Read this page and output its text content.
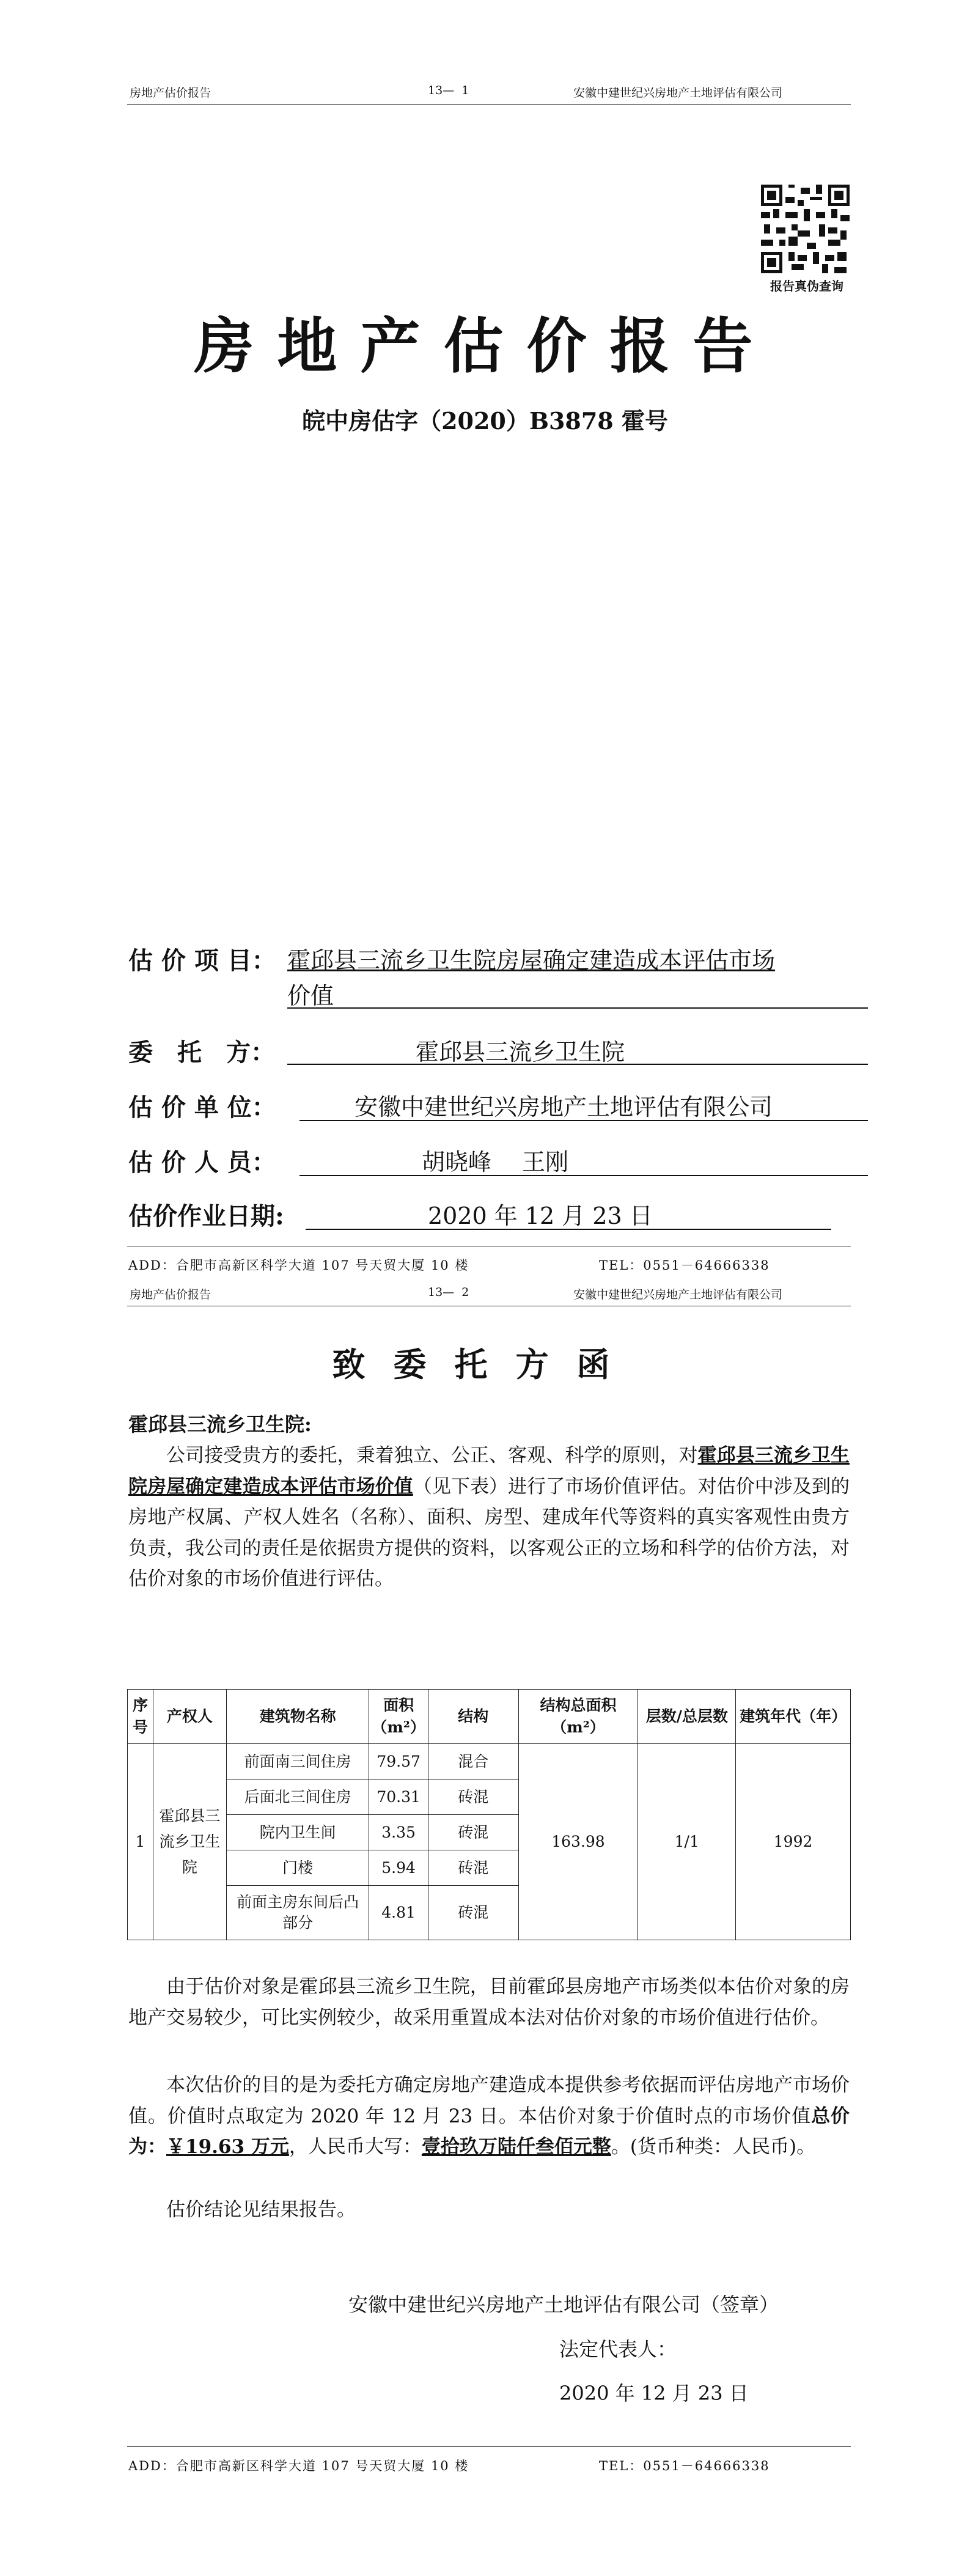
房地产估价报告	13—  1	安徽中建世纪兴房地产土地评估有限公司
报告真伪查询
房地产估价报告
皖中房估字（2020）B3878 霍号
估 价 项 目： 霍邱县三流乡卫生院房屋确定建造成本评估市场
价值
委　托　方：	霍邱县三流乡卫生院
估 价 单 位：	安徽中建世纪兴房地产土地评估有限公司
估 价 人 员：	胡晓峰　 王刚
估价作业日期:	2020 年 12 月 23 日
ADD：合肥市高新区科学大道 107 号天贸大厦 10 楼	TEL：0551－64666338
房地产估价报告	13—  2	安徽中建世纪兴房地产土地评估有限公司
致委托方函
霍邱县三流乡卫生院:
公司接受贵方的委托，秉着独立、公正、客观、科学的原则，对霍邱县三流乡卫生院房屋确定建造成本评估市场价值（见下表）进行了市场价值评估。对估价中涉及到的房地产权属、产权人姓名（名称）、面积、房型、建成年代等资料的真实客观性由贵方负责，我公司的责任是依据贵方提供的资料，以客观公正的立场和科学的估价方法，对估价对象的市场价值进行评估。
序号	产权人	建筑物名称	面积（m²）	结构	结构总面积（m²）	层数/总层数	建筑年代（年）
1	霍邱县三流乡卫生院	前面南三间住房	79.57	混合	163.98	1/1	1992
		后面北三间住房	70.31	砖混			
		院内卫生间	3.35	砖混			
		门楼	5.94	砖混			
		前面主房东间后凸部分	4.81	砖混			
由于估价对象是霍邱县三流乡卫生院，目前霍邱县房地产市场类似本估价对象的房地产交易较少，可比实例较少，故采用重置成本法对估价对象的市场价值进行估价。
本次估价的目的是为委托方确定房地产建造成本提供参考依据而评估房地产市场价值。价值时点取定为 2020 年 12 月 23 日。本估价对象于价值时点的市场价值总价为：￥19.63 万元，人民币大写：壹拾玖万陆仟叁佰元整。(货币种类：人民币)。
估价结论见结果报告。
安徽中建世纪兴房地产土地评估有限公司（签章）
法定代表人：
2020 年 12 月 23 日
ADD：合肥市高新区科学大道 107 号天贸大厦 10 楼	TEL：0551－64666338
